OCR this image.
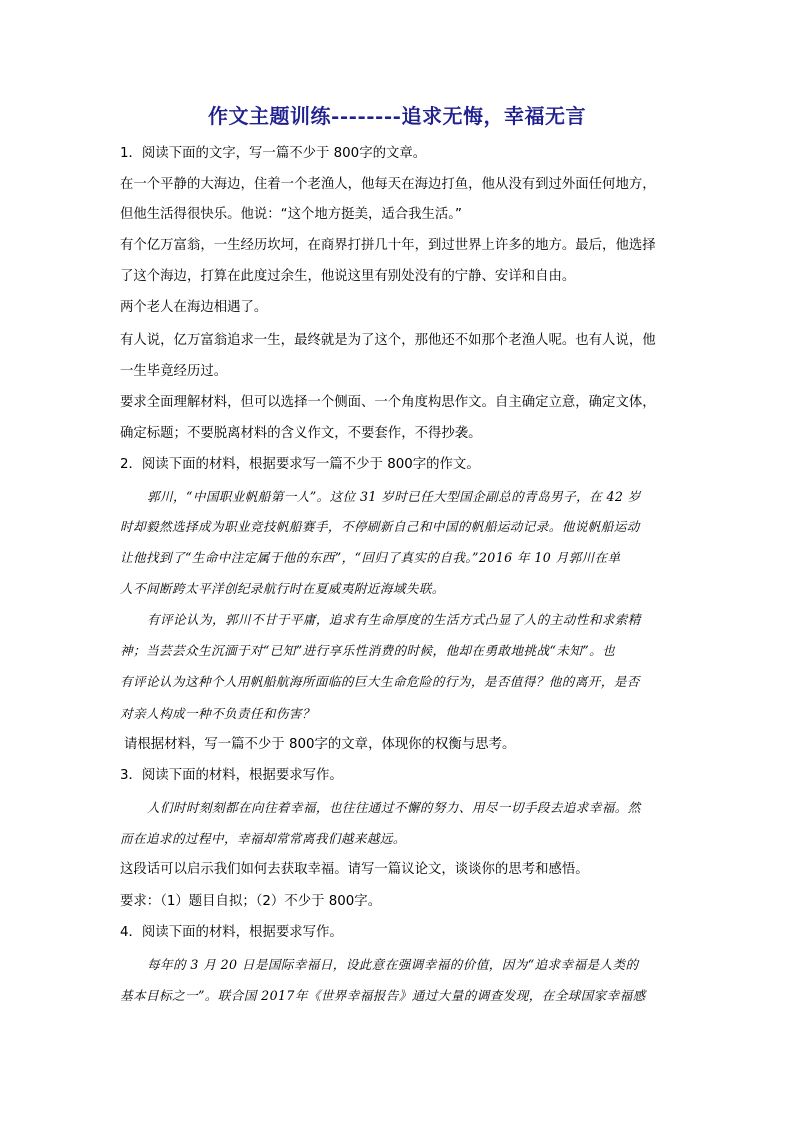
作文主题训练--------追求无悔，幸福无言
1．阅读下面的文字，写一篇不少于 800字的文章。
在一个平静的大海边，住着一个老渔人，他每天在海边打鱼，他从没有到过外面任何地方，
但他生活得很快乐。他说：“这个地方挺美，适合我生活。”
有个亿万富翁，一生经历坎坷，在商界打拼几十年，到过世界上许多的地方。最后，他选择
了这个海边，打算在此度过余生，他说这里有别处没有的宁静、安详和自由。
两个老人在海边相遇了。
有人说，亿万富翁追求一生，最终就是为了这个，那他还不如那个老渔人呢。也有人说，他
一生毕竟经历过。
要求全面理解材料，但可以选择一个侧面、一个角度构思作文。自主确定立意，确定文体，
确定标题；不要脱离材料的含义作文，不要套作，不得抄袭。
2．阅读下面的材料，根据要求写一篇不少于 800字的作文。
郭川，“中国职业帆船第一人”。这位 31 岁时已任大型国企副总的青岛男子，在 42 岁
时却毅然选择成为职业竞技帆船赛手，不停刷新自己和中国的帆船运动记录。他说帆船运动
让他找到了“生命中注定属于他的东西”，“回归了真实的自我。”2016 年 10 月郭川在单
人不间断跨太平洋创纪录航行时在夏威夷附近海域失联。
有评论认为，郭川不甘于平庸，追求有生命厚度的生活方式凸显了人的主动性和求索精
神；当芸芸众生沉湎于对“已知”进行享乐性消费的时候，他却在勇敢地挑战“未知”。也
有评论认为这种个人用帆船航海所面临的巨大生命危险的行为，是否值得？他的离开，是否
对亲人构成一种不负责任和伤害？
请根据材料，写一篇不少于 800字的文章，体现你的权衡与思考。
3．阅读下面的材料，根据要求写作。
人们时时刻刻都在向往着幸福，也往往通过不懈的努力、用尽一切手段去追求幸福。然
而在追求的过程中，幸福却常常离我们越来越远。
这段话可以启示我们如何去获取幸福。请写一篇议论文，谈谈你的思考和感悟。
要求：（1）题目自拟；（2）不少于 800字。
4．阅读下面的材料，根据要求写作。
每年的 3 月 20 日是国际幸福日，设此意在强调幸福的价值，因为“追求幸福是人类的
基本目标之一”。联合国 2017年《世界幸福报告》通过大量的调查发现，在全球国家幸福感
